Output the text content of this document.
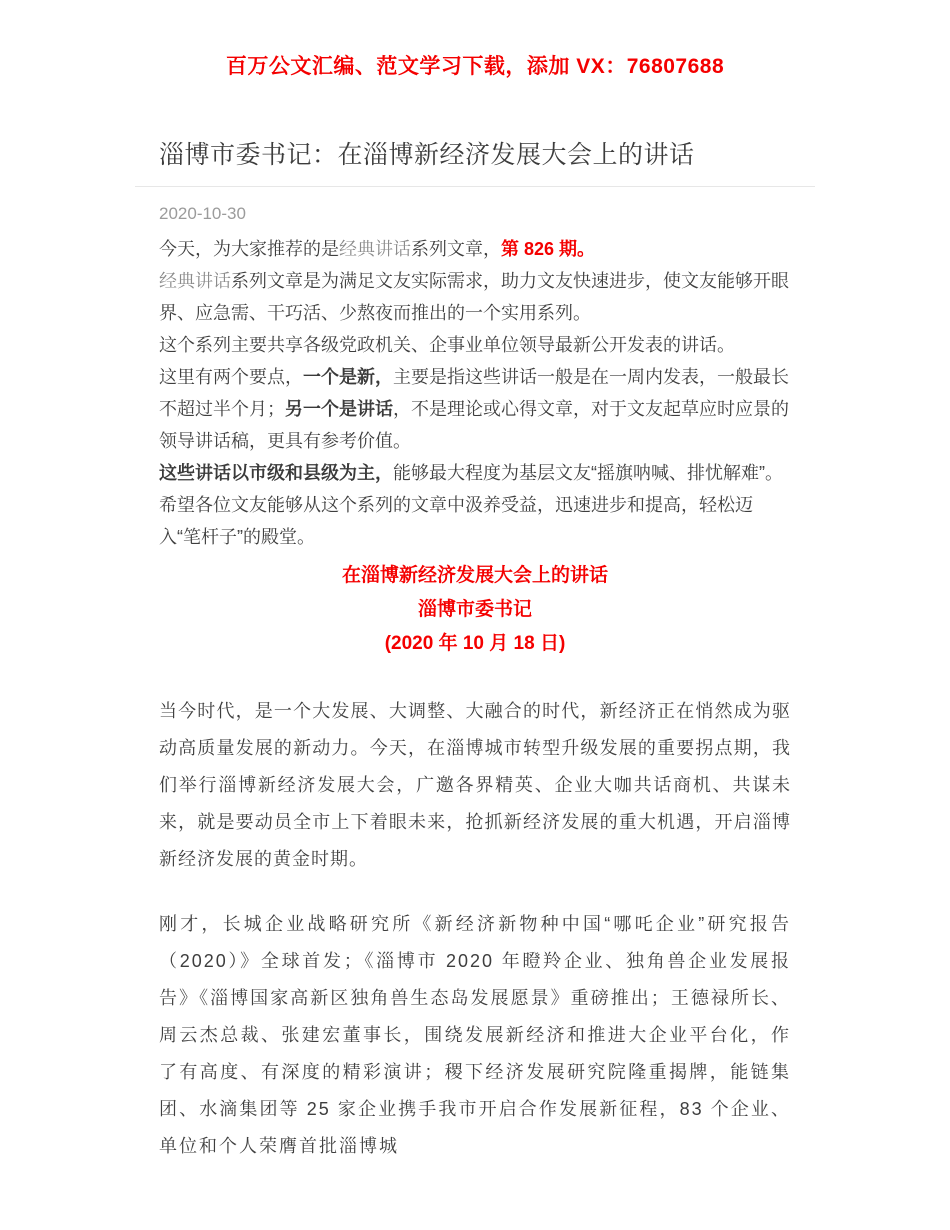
百万公文汇编、范文学习下载，添加 VX：76807688
淄博市委书记：在淄博新经济发展大会上的讲话
2020-10-30

今天，为大家推荐的是经典讲话系列文章，第 826 期。

经典讲话系列文章是为满足文友实际需求，助力文友快速进步，使文友能够开眼界、应急需、干巧活、少熬夜而推出的一个实用系列。

这个系列主要共享各级党政机关、企事业单位领导最新公开发表的讲话。

这里有两个要点，一个是新，主要是指这些讲话一般是在一周内发表，一般最长不超过半个月；另一个是讲话，不是理论或心得文章，对于文友起草应时应景的领导讲话稿，更具有参考价值。

这些讲话以市级和县级为主，能够最大程度为基层文友“摇旗呐喊、排忧解难”。希望各位文友能够从这个系列的文章中汲养受益，迅速进步和提高，轻松迈入“笔杆子”的殿堂。

在淄博新经济发展大会上的讲话

淄博市委书记

(2020 年 10 月 18 日)

当今时代，是一个大发展、大调整、大融合的时代，新经济正在悄然成为驱动高质量发展的新动力。今天，在淄博城市转型升级发展的重要拐点期，我们举行淄博新经济发展大会，广邀各界精英、企业大咖共话商机、共谋未来，就是要动员全市上下着眼未来，抢抓新经济发展的重大机遇，开启淄博新经济发展的黄金时期。

刚才，长城企业战略研究所《新经济新物种中国“哪吒企业”研究报告（2020）》全球首发；《淄博市 2020 年瞪羚企业、独角兽企业发展报告》《淄博国家高新区独角兽生态岛发展愿景》重磅推出；王德禄所长、周云杰总裁、张建宏董事长，围绕发展新经济和推进大企业平台化，作了有高度、有深度的精彩演讲；稷下经济发展研究院隆重揭牌，能链集团、水滴集团等 25 家企业携手我市开启合作发展新征程，83 个企业、单位和个人荣膺首批淄博城
